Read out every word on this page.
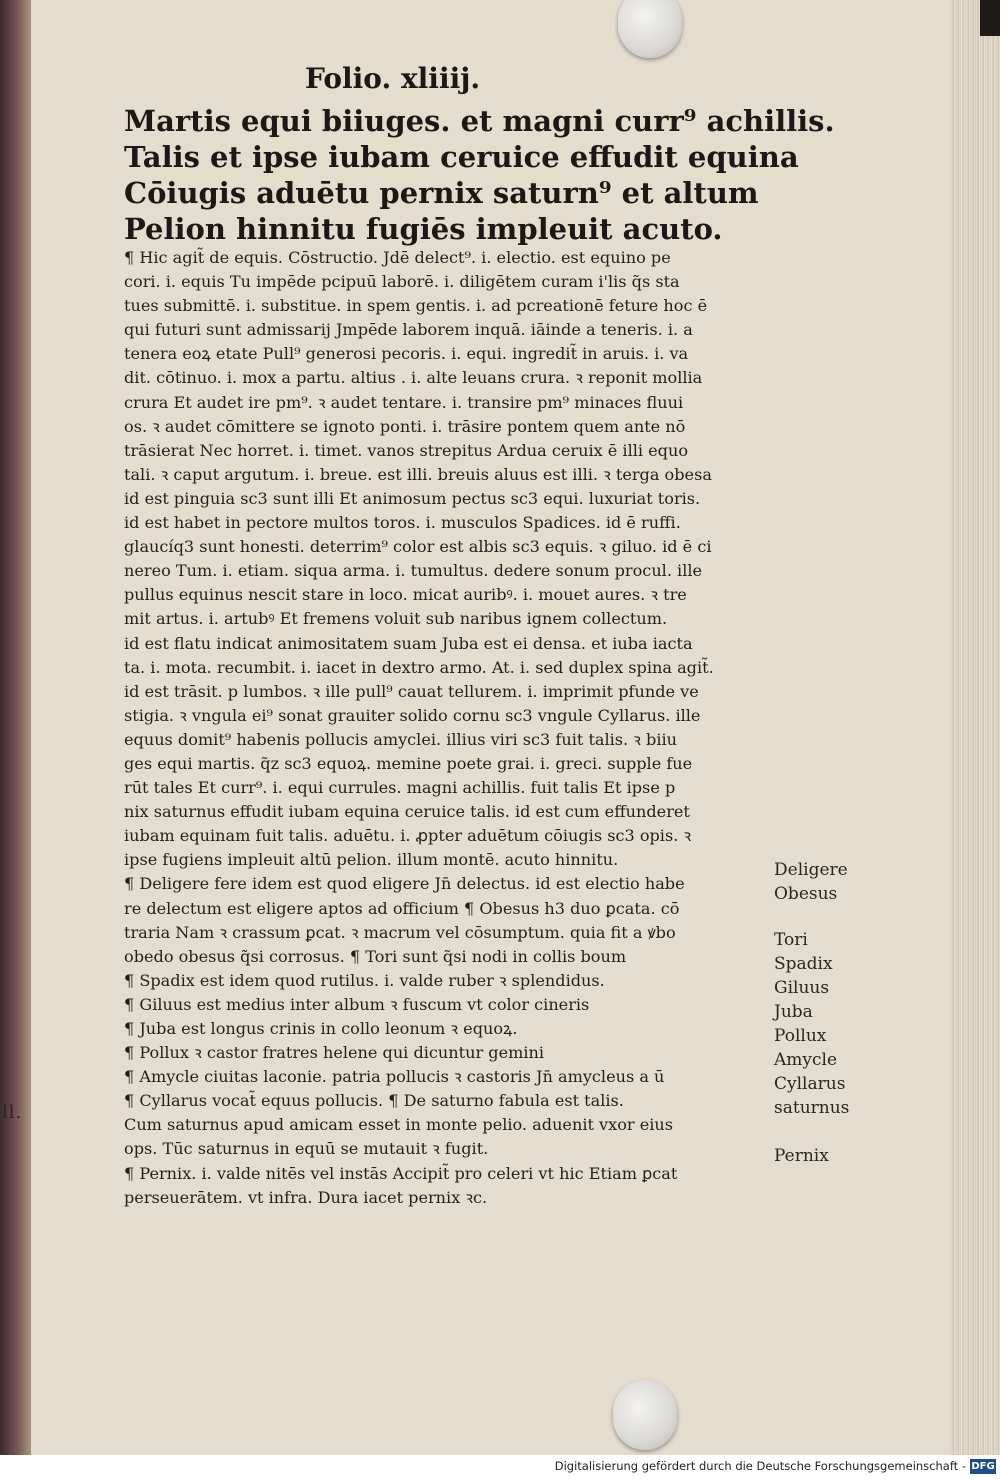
ll.
Folio. xliiij.
Martis equi biiuges. et magni curr⁹ achillis.
Talis et ipse iubam ceruice effudit equina
Cōiugis aduētu pernix saturn⁹ et altum
Pelion hinnitu fugiēs impleuit acuto.
¶ Hic agit̃ de equis. Cōstructio. Jdē delect⁹. i. electio. est equino pe
cori. i. equis Tu impēde pcipuū laborē. i. diligētem curam i'lis q̃s sta
tues submittē. i. substitue. in spem gentis. i. ad pcreationē feture hoc ē
qui futuri sunt admissarij Jmpēde laborem inquā. iāinde a teneris. i. a
tenera eoꝝ etate Pull⁹ generosi pecoris. i. equi. ingredit̃ in aruis. i. va
dit. cōtinuo. i. mox a partu. altius . i. alte leuans crura. ꝛ reponit mollia
crura Et audet ire pm⁹. ꝛ audet tentare. i. transire pm⁹ minaces fluui
os. ꝛ audet cōmittere se ignoto ponti. i. trāsire pontem quem ante nō
trāsierat Nec horret. i. timet. vanos strepitus Ardua ceruix ē illi equo
tali. ꝛ caput argutum. i. breue. est illi. breuis aluus est illi. ꝛ terga obesa
id est pinguia sc3 sunt illi Et animosum pectus sc3 equi. luxuriat toris.
id est habet in pectore multos toros. i. musculos Spadices. id ē ruffi.
glaucíq3 sunt honesti. deterrim⁹ color est albis sc3 equis. ꝛ giluo. id ē ci
nereo Tum. i. etiam. siqua arma. i. tumultus. dedere sonum procul. ille
pullus equinus nescit stare in loco. micat auribꝰ. i. mouet aures. ꝛ tre
mit artus. i. artubꝰ Et fremens voluit sub naribus ignem collectum.
id est flatu indicat animositatem suam Juba est ei densa. et iuba iacta
ta. i. mota. recumbit. i. iacet in dextro armo. At. i. sed duplex spina agit̃.
id est trāsit. p lumbos. ꝛ ille pull⁹ cauat tellurem. i. imprimit pfunde ve
stigia. ꝛ vngula ei⁹ sonat grauiter solido cornu sc3 vngule Cyllarus. ille
equus domit⁹ habenis pollucis amyclei. illius viri sc3 fuit talis. ꝛ biiu
ges equi martis. q̃z sc3 equoꝝ. memine poete grai. i. greci. supple fue
rūt tales Et curr⁹. i. equi currules. magni achillis. fuit talis Et ipse p
nix saturnus effudit iubam equina ceruice talis. id est cum effunderet
iubam equinam fuit talis. aduētu. i. ꝓpter aduētum cōiugis sc3 opis. ꝛ
ipse fugiens impleuit altū pelion. illum montē. acuto hinnitu.
¶ Deligere fere idem est quod eligere Jn̄ delectus. id est electio habe
re delectum est eligere aptos ad officium ¶ Obesus h3 duo ꝑcata. cō
traria Nam ꝛ crassum ꝑcat. ꝛ macrum vel cōsumptum. quia fit a ꝟbo
obedo obesus q̃si corrosus. ¶ Tori sunt q̃si nodi in collis boum
¶ Spadix est idem quod rutilus. i. valde ruber ꝛ splendidus.
¶ Giluus est medius inter album ꝛ fuscum vt color cineris
¶ Juba est longus crinis in collo leonum ꝛ equoꝝ.
¶ Pollux ꝛ castor fratres helene qui dicuntur gemini
¶ Amycle ciuitas laconie. patria pollucis ꝛ castoris Jn̄ amycleus a ū
¶ Cyllarus vocat̃ equus pollucis. ¶ De saturno fabula est talis.
Cum saturnus apud amicam esset in monte pelio. aduenit vxor eius
ops. Tūc saturnus in equū se mutauit ꝛ fugit.
¶ Pernix. i. valde nitēs vel instās Accipit̃ pro celeri vt hic Etiam ꝑcat
perseuerātem. vt infra. Dura iacet pernix ꝛc.
Deligere
Obesus
Tori
Spadix
Giluus
Juba
Pollux
Amycle
Cyllarus
saturnus
Pernix
Digitalisierung gefördert durch die Deutsche Forschungsgemeinschaft - DFG
